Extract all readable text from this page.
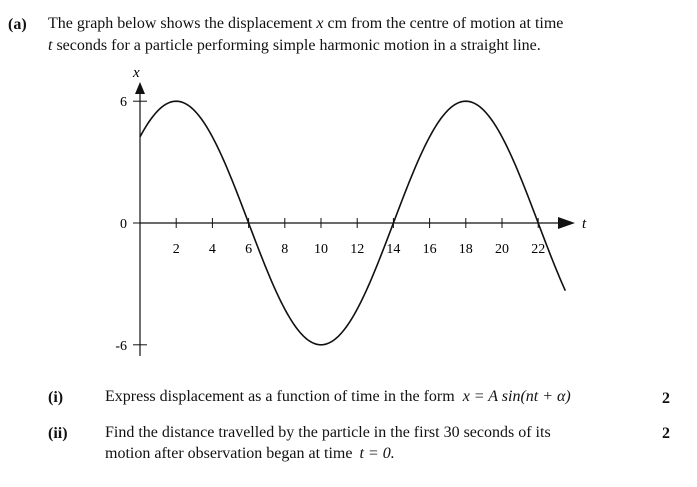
(a) The graph below shows the displacement x cm from the centre of motion at time
t seconds for a particle performing simple harmonic motion in a straight line.
x
t
2 4 6 8 10 12 14 16 18 20 22
-6
0
6
(i)	Express displacement as a function of time in the form x = A sin(nt + α)	2
(ii) Find the distance travelled by the particle in the first 30 seconds of its
motion after observation began at time t = 0.
2
